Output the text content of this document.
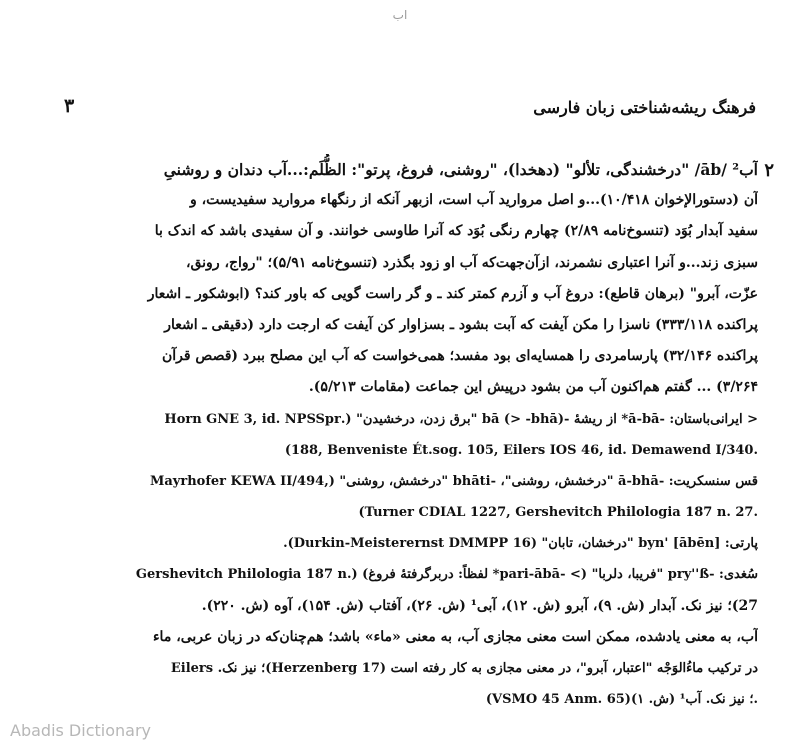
اب
فرهنگ ریشه‌شناختی زبان فارسی
۳
۲
آب² /āb/ "درخشندگی، تلألو" (دهخدا)، "روشنی، فروغ، پرتو": الظُّلَم:...آب دندان و روشنیِ
آن (دستورالإخوان ۱۰/۴۱۸)...و اصل مروارید آب است، ازبهر آنکه از رنگهاء مروارید سفیدیست، و
سفید آبدار بُوَد (تنسوخ‌نامه ۲/۸۹) چهارم رنگی بُوَد که آنرا طاوسی خوانند. و آن سفیدی باشد که اندک با
سبزی زند...و آنرا اعتباری نشمرند، ازآن‌جهت‌که آب او زود بگذرد (تنسوخ‌نامه ۵/۹۱)؛ "رواج، رونق،
عزّت، آبرو" (برهان قاطع): دروغ آب و آزرم کمتر کند ـ و گر راست گویی که باور کند؟ (ابوشکور ـ اشعار
پراکنده ۳۳۳/۱۱۸) ناسزا را مکن آیفت که آبت بشود ـ بسزاوار کن آیفت که ارجت دارد (دقیقی ـ اشعار
پراکنده ۳۲/۱۴۶) پارسامردی را همسایه‌ای بود مفسد؛ همی‌خواست که آب این مصلح ببرد (قصص قرآن
۳/۲۶۴) ... گفتم هم‌اکنون آب من بشود درپیش این جماعت (مقامات ۵/۲۱۳).
< ایرانی‌باستان: -ā-bā* از ریشهٔ -bā (> -bhā) "برق زدن، درخشیدن" (.Horn GNE 3, id. NPSSpr
(188, Benveniste Ét.sog. 105, Eilers IOS 46, id. Demawend I/340.
قس سنسکریت: -ā-bhā "درخشش، روشنی"، -bhāti "درخشش، روشنی" (,Mayrhofer KEWA II/494
(Turner CDIAL 1227, Gershevitch Philologia 187 n. 27.
پارتی: byn' [ābēn] "درخشان، تابان" (Durkin-Meisterernst DMMPP 16).
سُغدی: -pry''ß "فریبا، دلربا" (> -pari-ābā* لفظاً: دربرگرفتهٔ فروغ) (.Gershevitch Philologia 187 n
27)؛ نیز نک. آبدار (ش. ۹)، آبرو (ش. ۱۲)، آبی¹ (ش. ۲۶)، آفتاب (ش. ۱۵۴)، آوه (ش. ۲۲۰).
آب، به معنی یادشده، ممکن است معنی مجازی آب، به معنی «ماء» باشد؛ هم‌چنان‌که در زبان عربی، ماء
در ترکیب ماءُالوَجْه "اعتبار، آبرو"، در معنی مجازی به کار رفته است (Herzenberg 17)؛ نیز نک. Eilers
(VSMO 45 Anm. 65)؛ نیز نک. آب¹ (ش. ۱).
Abadis Dictionary
